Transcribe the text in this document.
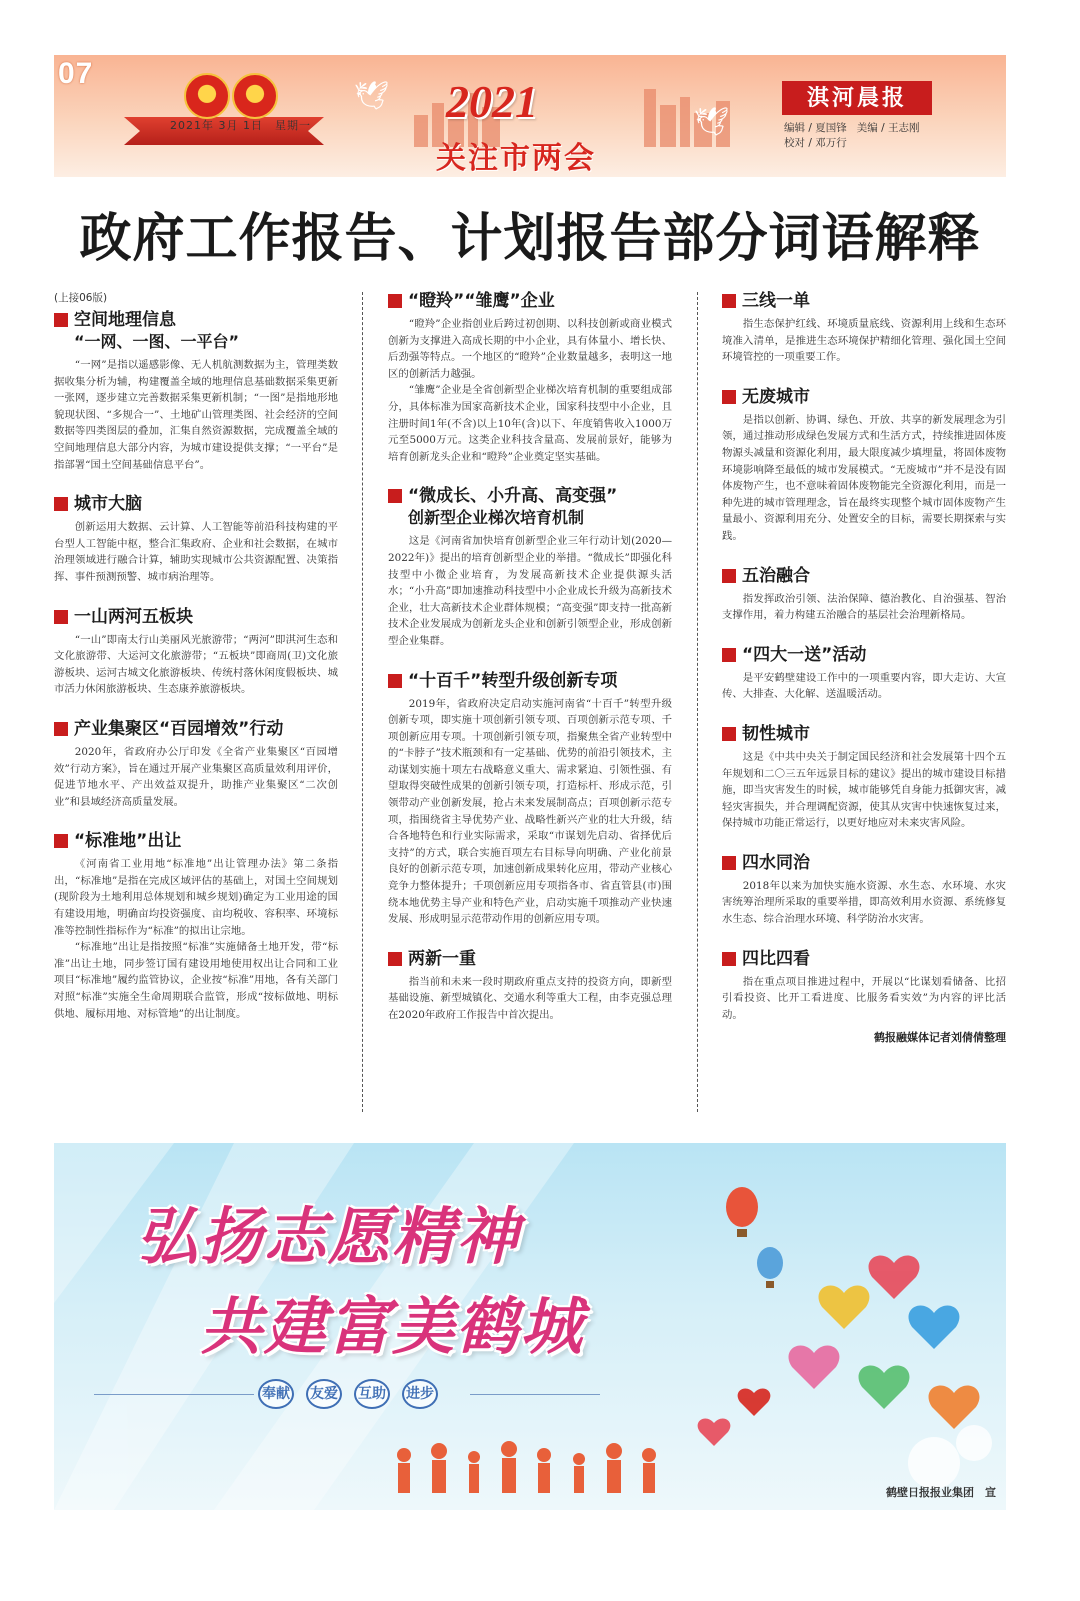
07
2021年 3月 1日　星期一
🕊
🕊
2021
关注市两会
淇河晨报
编辑 / 夏国锋 美编 / 王志刚
校对 / 邓万行
政府工作报告、计划报告部分词语解释
(上接06版)
空间地理信息
“一网、一图、一平台”

“一网”是指以遥感影像、无人机航测数据为主，管理类数据收集分析为辅，构建覆盖全域的地理信息基础数据采集更新一张网，逐步建立完善数据采集更新机制；“一图”是指地形地貌现状图、“多规合一”、土地矿山管理类图、社会经济的空间数据等四类图层的叠加，汇集自然资源数据，完成覆盖全域的空间地理信息大部分内容，为城市建设提供支撑；“一平台”是指部署“国土空间基础信息平台”。

城市大脑

创新运用大数据、云计算、人工智能等前沿科技构建的平台型人工智能中枢，整合汇集政府、企业和社会数据，在城市治理领域进行融合计算，辅助实现城市公共资源配置、决策指挥、事件预测预警、城市病治理等。

一山两河五板块

“一山”即南太行山美丽风光旅游带；“两河”即淇河生态和文化旅游带、大运河文化旅游带；“五板块”即商周(卫)文化旅游板块、运河古城文化旅游板块、传统村落休闲度假板块、城市活力休闲旅游板块、生态康养旅游板块。

产业集聚区“百园增效”行动

2020年，省政府办公厅印发《全省产业集聚区“百园增效”行动方案》，旨在通过开展产业集聚区高质量效利用评价，促进节地水平、产出效益双提升，助推产业集聚区“二次创业”和县域经济高质量发展。

“标准地”出让

《河南省工业用地“标准地”出让管理办法》第二条指出，“标准地”是指在完成区域评估的基础上，对国土空间规划(现阶段为土地利用总体规划和城乡规划)确定为工业用途的国有建设用地，明确亩均投资强度、亩均税收、容积率、环境标准等控制性指标作为“标准”的拟出让宗地。

“标准地”出让是指按照“标准”实施储备土地开发，带“标准”出让土地，同步签订国有建设用地使用权出让合同和工业项目“标准地”履约监管协议，企业按“标准”用地，各有关部门对照“标准”实施全生命周期联合监管，形成“按标做地、明标供地、履标用地、对标管地”的出让制度。

“瞪羚”“雏鹰”企业

“瞪羚”企业指创业后跨过初创期、以科技创新或商业模式创新为支撑进入高成长期的中小企业，具有体量小、增长快、后劲强等特点。一个地区的“瞪羚”企业数量越多，表明这一地区的创新活力越强。

“雏鹰”企业是全省创新型企业梯次培育机制的重要组成部分，具体标准为国家高新技术企业，国家科技型中小企业，且注册时间1年(不含)以上10年(含)以下、年度销售收入1000万元至5000万元。这类企业科技含量高、发展前景好，能够为培育创新龙头企业和“瞪羚”企业奠定坚实基础。

“微成长、小升高、高变强”
创新型企业梯次培育机制

这是《河南省加快培育创新型企业三年行动计划(2020—2022年)》提出的培育创新型企业的举措。“微成长”即强化科技型中小微企业培育，为发展高新技术企业提供源头活水；“小升高”即加速推动科技型中小企业成长升级为高新技术企业，壮大高新技术企业群体规模；“高变强”即支持一批高新技术企业发展成为创新龙头企业和创新引领型企业，形成创新型企业集群。

“十百千”转型升级创新专项

2019年，省政府决定启动实施河南省“十百千”转型升级创新专项，即实施十项创新引领专项、百项创新示范专项、千项创新应用专项。十项创新引领专项，指聚焦全省产业转型中的“卡脖子”技术瓶颈和有一定基础、优势的前沿引领技术，主动谋划实施十项左右战略意义重大、需求紧迫、引领性强、有望取得突破性成果的创新引领专项，打造标杆、形成示范，引领带动产业创新发展，抢占未来发展制高点；百项创新示范专项，指围绕省主导优势产业、战略性新兴产业的壮大升级，结合各地特色和行业实际需求，采取“市谋划先启动、省择优后支持”的方式，联合实施百项左右目标导向明确、产业化前景良好的创新示范专项，加速创新成果转化应用，带动产业核心竞争力整体提升；千项创新应用专项指各市、省直管县(市)围绕本地优势主导产业和特色产业，启动实施千项推动产业快速发展、形成明显示范带动作用的创新应用专项。

两新一重

指当前和未来一段时期政府重点支持的投资方向，即新型基础设施、新型城镇化、交通水利等重大工程，由李克强总理在2020年政府工作报告中首次提出。

三线一单

指生态保护红线、环境质量底线、资源利用上线和生态环境准入清单，是推进生态环境保护精细化管理、强化国土空间环境管控的一项重要工作。

无废城市

是指以创新、协调、绿色、开放、共享的新发展理念为引领，通过推动形成绿色发展方式和生活方式，持续推进固体废物源头减量和资源化利用，最大限度减少填埋量，将固体废物环境影响降至最低的城市发展模式。“无废城市”并不是没有固体废物产生，也不意味着固体废物能完全资源化利用，而是一种先进的城市管理理念，旨在最终实现整个城市固体废物产生量最小、资源利用充分、处置安全的目标，需要长期探索与实践。

五治融合

指发挥政治引领、法治保障、德治教化、自治强基、智治支撑作用，着力构建五治融合的基层社会治理新格局。

“四大一送”活动

是平安鹤壁建设工作中的一项重要内容，即大走访、大宣传、大排查、大化解、送温暖活动。

韧性城市

这是《中共中央关于制定国民经济和社会发展第十四个五年规划和二〇三五年远景目标的建议》提出的城市建设目标措施，即当灾害发生的时候，城市能够凭自身能力抵御灾害，减轻灾害损失，并合理调配资源，使其从灾害中快速恢复过来，保持城市功能正常运行，以更好地应对未来灾害风险。

四水同治

2018年以来为加快实施水资源、水生态、水环境、水灾害统筹治理所采取的重要举措，即高效利用水资源、系统修复水生态、综合治理水环境、科学防治水灾害。

四比四看

指在重点项目推进过程中，开展以“比谋划看储备、比招引看投资、比开工看进度、比服务看实效”为内容的评比活动。

鹤报融媒体记者刘倩倩整理
弘扬志愿精神
共建富美鹤城
奉献 友爱 互助 进步
鹤壁日报报业集团　宣
